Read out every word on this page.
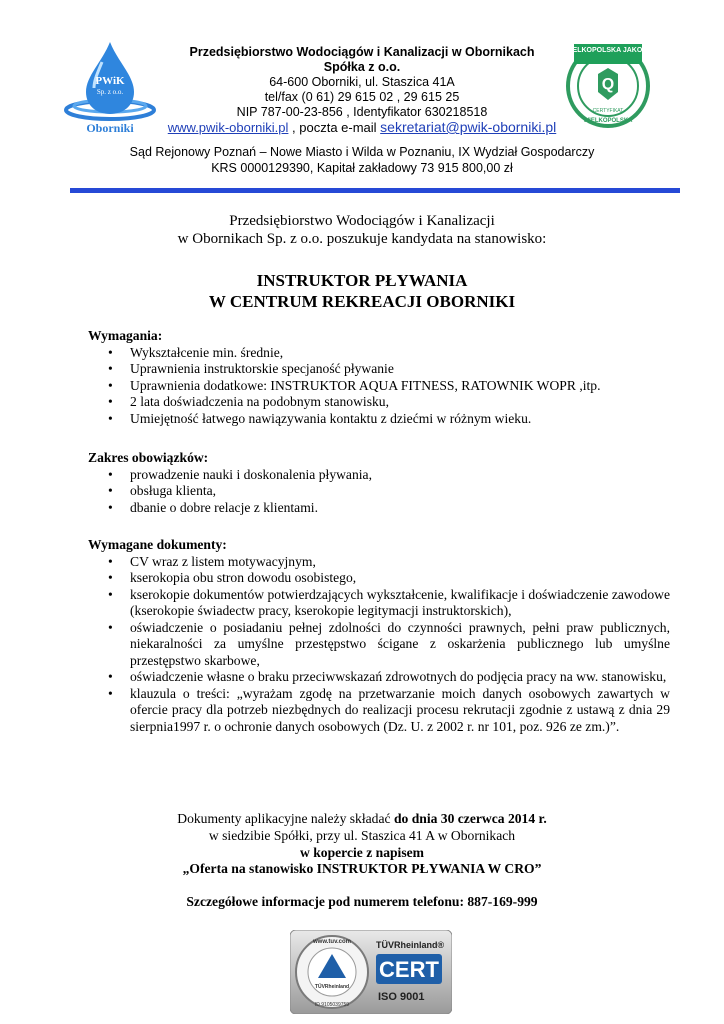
PWiK
Sp. z o.o.
Oborniki
Przedsiębiorstwo Wodociągów i Kanalizacji w Obornikach
Spółka z o.o.
64-600 Oborniki, ul. Staszica 41A
tel/fax (0 61) 29 615 02 , 29 615 25
NIP 787-00-23-856 , Identyfikator 630218518
www.pwik-oborniki.pl , poczta e-mail sekretariat@pwik-oborniki.pl
Sąd Rejonowy Poznań – Nowe Miasto i Wilda w Poznaniu, IX Wydział Gospodarczy
KRS 0000129390, Kapitał zakładowy 73 915 800,00 zł
WIELKOPOLSKA JAKOŚĆ
Q
CERTYFIKAT
WIELKOPOLSKA
Przedsiębiorstwo Wodociągów i Kanalizacji
w Obornikach Sp. z o.o. poszukuje kandydata na stanowisko:
INSTRUKTOR PŁYWANIA
W CENTRUM REKREACJI OBORNIKI
Wymagania:
• Wykształcenie min. średnie,
• Uprawnienia instruktorskie specjaność pływanie
• Uprawnienia dodatkowe: INSTRUKTOR AQUA FITNESS, RATOWNIK WOPR ,itp.
• 2 lata doświadczenia na podobnym stanowisku,
• Umiejętność łatwego nawiązywania kontaktu z dziećmi w różnym wieku.
Zakres obowiązków:
• prowadzenie nauki i doskonalenia pływania,
• obsługa klienta,
• dbanie o dobre relacje z klientami.
Wymagane dokumenty:
• CV wraz z listem motywacyjnym,
• kserokopia obu stron dowodu osobistego,
• kserokopie dokumentów potwierdzających wykształcenie, kwalifikacje i doświadczenie zawodowe (kserokopie świadectw pracy, kserokopie legitymacji instruktorskich),
• oświadczenie o posiadaniu pełnej zdolności do czynności prawnych, pełni praw publicznych, niekaralności za umyślne przestępstwo ścigane z oskarżenia publicznego lub umyślne przestępstwo skarbowe,
• oświadczenie własne o braku przeciwwskazań zdrowotnych do podjęcia pracy na ww. stanowisku,
• klauzula o treści: „wyrażam zgodę na przetwarzanie moich danych osobowych zawartych w ofercie pracy dla potrzeb niezbędnych do realizacji procesu rekrutacji zgodnie z ustawą z dnia 29 sierpnia1997 r. o ochronie danych osobowych (Dz. U. z 2002 r. nr 101, poz. 926 ze zm.)”.
Dokumenty aplikacyjne należy składać do dnia 30 czerwca 2014 r.
w siedzibie Spółki, przy ul. Staszica 41 A w Obornikach
w kopercie z napisem
„Oferta na stanowisko INSTRUKTOR PŁYWANIA W CRO”
Szczegółowe informacje pod numerem telefonu: 887-169-999
TÜVRheinland
www.tuv.com
ID 9105039759
TÜVRheinland®
CERT
ISO 9001
